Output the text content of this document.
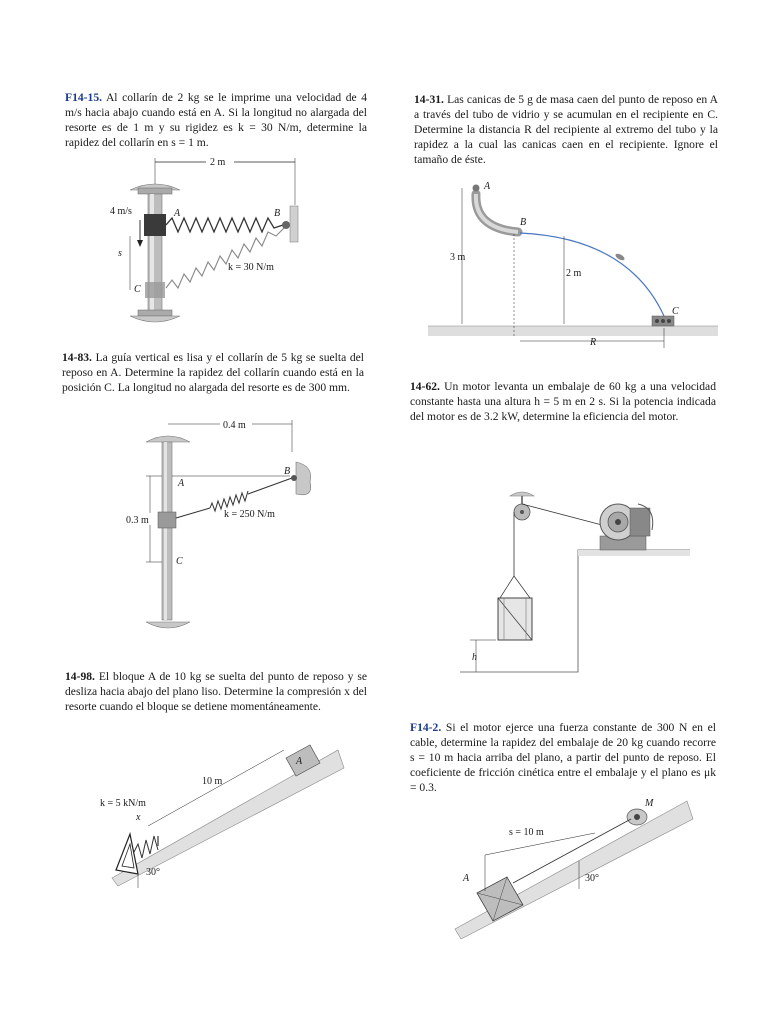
F14-15. Al collarín de 2 kg se le imprime una velocidad de 4 m/s hacia abajo cuando está en A. Si la longitud no alargada del resorte es de 1 m y su rigidez es k = 30 N/m, determine la rapidez del collarín en s = 1 m.
14-31. Las canicas de 5 g de masa caen del punto de reposo en A a través del tubo de vidrio y se acumulan en el recipiente en C. Determine la distancia R del recipiente al extremo del tubo y la rapidez a la cual las canicas caen en el recipiente. Ignore el tamaño de éste.
14-83. La guía vertical es lisa y el collarín de 5 kg se suelta del reposo en A. Determine la rapidez del collarín cuando está en la posición C. La longitud no alargada del resorte es de 300 mm.	14-62. Un motor levanta un embalaje de 60 kg a una velocidad constante hasta una altura h = 5 m en 2 s. Si la potencia indicada del motor es de 3.2 kW, determine la eficiencia del motor.
14-98. El bloque A de 10 kg se suelta del punto de reposo y se desliza hacia abajo del plano liso. Determine la compresión x del resorte cuando el bloque se detiene momentáneamente.
F14-2. Si el motor ejerce una fuerza constante de 300 N en el cable, determine la rapidez del embalaje de 20 kg cuando recorre s = 10 m hacia arriba del plano, a partir del punto de reposo. El coeficiente de fricción cinética entre el embalaje y el plano es μk = 0.3.
2 m
4 m/s
s
A	B
C
k = 30 N/m
3 m
2 m
A
B
C
R
0.4 m
0.3 m
A
B
C
k = 250 N/m
h
A
10 m
x
k = 5 kN/m
30°
M
A
s = 10 m
30°
